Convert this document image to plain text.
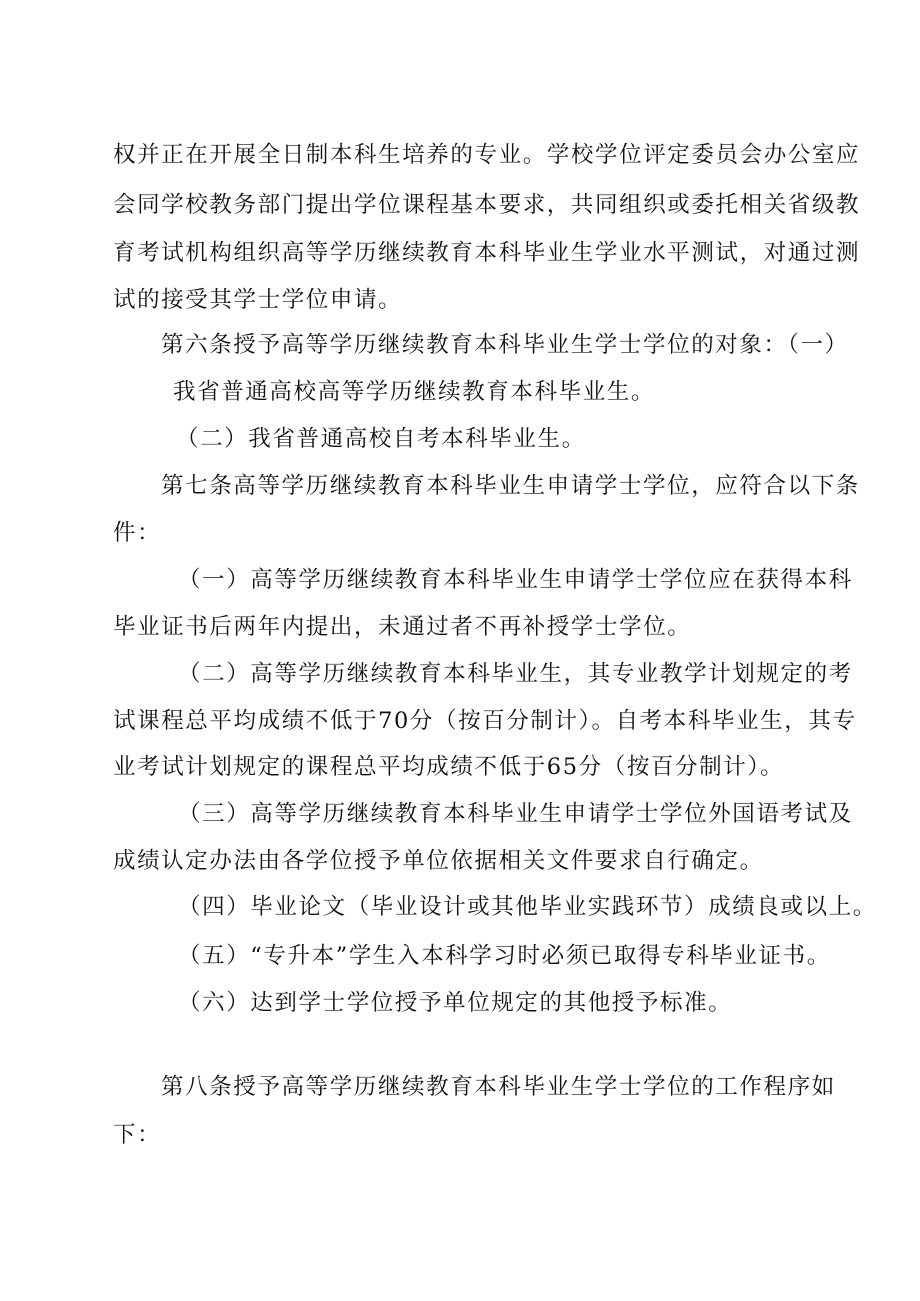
权并正在开展全日制本科生培养的专业。学校学位评定委员会办公室应
会同学校教务部门提出学位课程基本要求，共同组织或委托相关省级教
育考试机构组织高等学历继续教育本科毕业生学业水平测试，对通过测
试的接受其学士学位申请。
第六条授予高等学历继续教育本科毕业生学士学位的对象：（一）
我省普通高校高等学历继续教育本科毕业生。
（二）我省普通高校自考本科毕业生。
第七条高等学历继续教育本科毕业生申请学士学位，应符合以下条
件：
（一）高等学历继续教育本科毕业生申请学士学位应在获得本科
毕业证书后两年内提出，未通过者不再补授学士学位。
（二）高等学历继续教育本科毕业生，其专业教学计划规定的考
试课程总平均成绩不低于70分（按百分制计）。自考本科毕业生，其专
业考试计划规定的课程总平均成绩不低于65分（按百分制计）。
（三）高等学历继续教育本科毕业生申请学士学位外国语考试及
成绩认定办法由各学位授予单位依据相关文件要求自行确定。
（四）毕业论文（毕业设计或其他毕业实践环节）成绩良或以上。
（五）“专升本”学生入本科学习时必须已取得专科毕业证书。
（六）达到学士学位授予单位规定的其他授予标准。
第八条授予高等学历继续教育本科毕业生学士学位的工作程序如
下：
